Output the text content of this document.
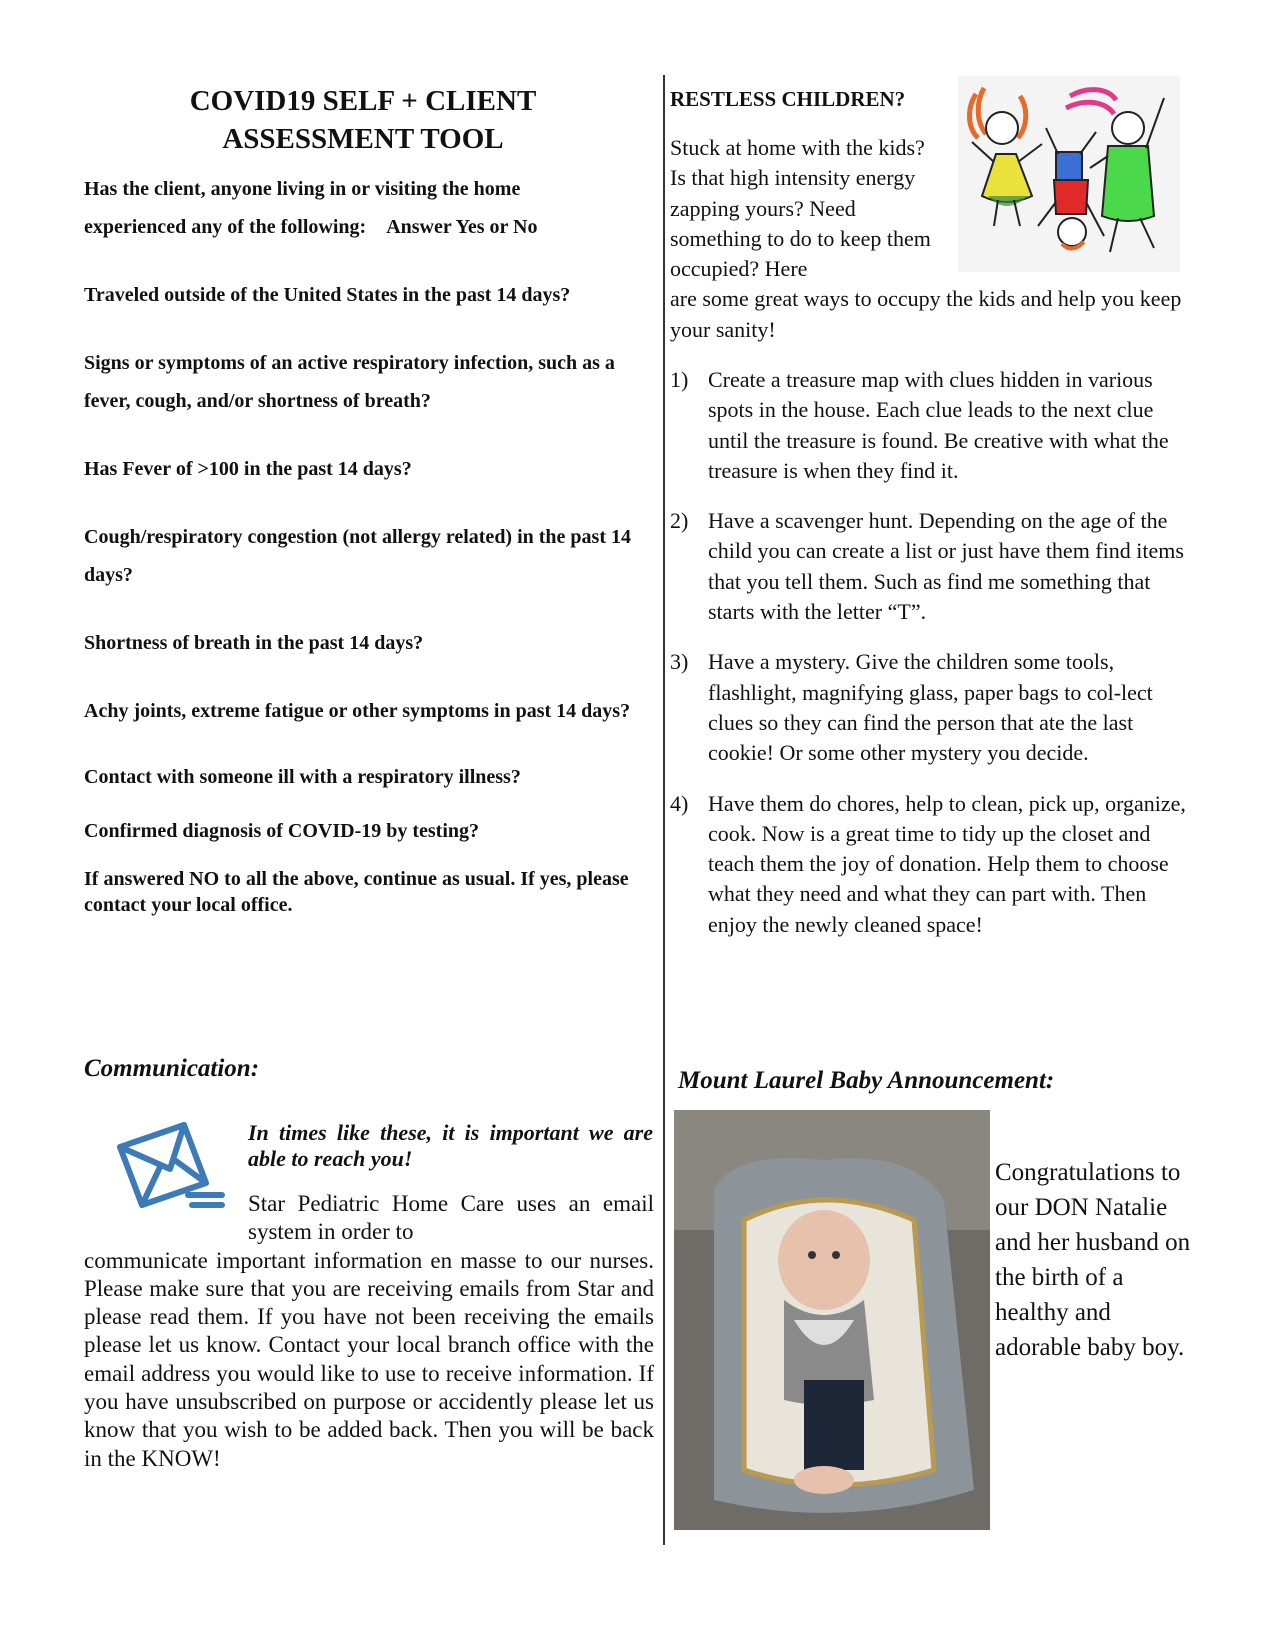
COVID19 SELF + CLIENT
ASSESSMENT TOOL

Has the client, anyone living in or visiting the home
experienced any of the following:    Answer Yes or No

Traveled outside of the United States in the past 14 days?

Signs or symptoms of an active respiratory infection, such as a fever, cough, and/or shortness of breath?

Has Fever of >100 in the past 14 days?

Cough/respiratory congestion (not allergy related) in the past 14 days?

Shortness of breath in the past 14 days?

Achy joints, extreme fatigue or other symptoms in past 14 days?

Contact with someone ill with a respiratory illness?

Confirmed diagnosis of COVID-19 by testing?

If answered NO to all the above, continue as usual. If yes, please contact your local office.

Communication:

In times like these, it is important we are able to reach you!

Star Pediatric Home Care uses an email system in order to
communicate important information en masse to our nurses. Please make sure that you are receiving emails from Star and please read them. If you have not been receiving the emails please let us know. Contact your local branch office with the email address you would like to use to receive information. If you have unsubscribed on purpose or accidently please let us know that you wish to be added back. Then you will be back in the KNOW!

RESTLESS CHILDREN?

Stuck at home with the kids? Is that high intensity energy zapping yours? Need something to do to keep them occupied? Here
are some great ways to occupy the kids and help you keep your sanity!

1) Create a treasure map with clues hidden in various spots in the house. Each clue leads to the next clue until the treasure is found. Be creative with what the treasure is when they find it.
2) Have a scavenger hunt. Depending on the age of the child you can create a list or just have them find items that you tell them. Such as find me something that starts with the letter “T”.
3) Have a mystery. Give the children some tools, flashlight, magnifying glass, paper bags to col-lect clues so they can find the person that ate the last cookie! Or some other mystery you decide.
4) Have them do chores, help to clean, pick up, organize, cook. Now is a great time to tidy up the closet and teach them the joy of donation. Help them to choose what they need and what they can part with. Then enjoy the newly cleaned space!
Mount Laurel Baby Announcement:

Congratulations to our DON Natalie and her husband on the birth of a healthy and adorable baby boy.
